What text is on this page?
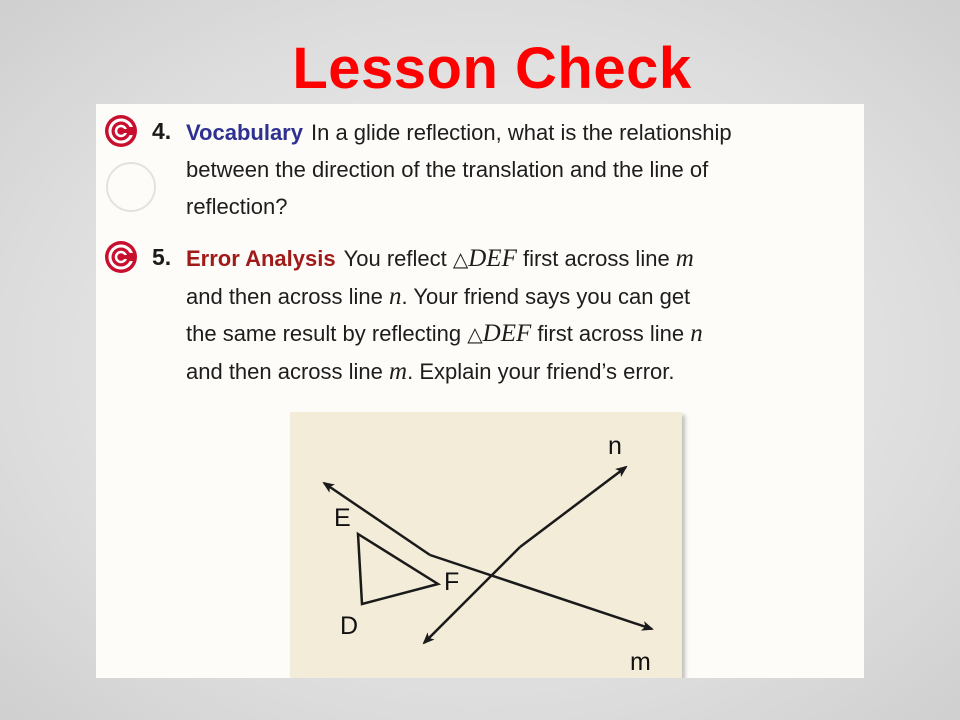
Lesson Check
4. Vocabulary In a glide reflection, what is the relationship
between the direction of the translation and the line of
reflection?
5. Error Analysis You reflect △DEF first across line m
and then across line n. Your friend says you can get
the same result by reflecting △DEF first across line n
and then across line m. Explain your friend’s error.
n
m
E
F
D
